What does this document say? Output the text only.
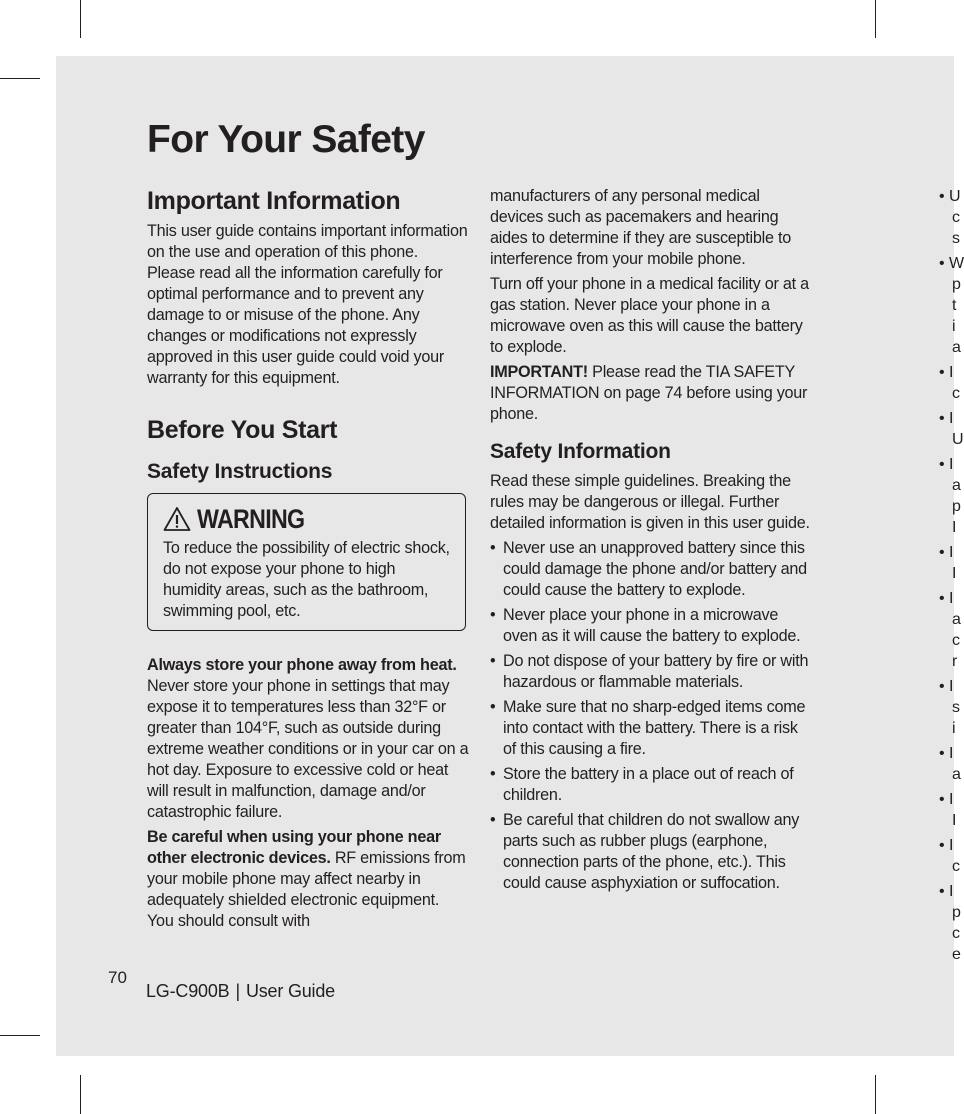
For Your Safety
Important Information

This user guide contains important information on the use and operation of this phone. Please read all the information carefully for optimal performance and to prevent any damage to or misuse of the phone. Any changes or modifications not expressly approved in this user guide could void your warranty for this equipment.

Before You Start
Safety Instructions
WARNING

To reduce the possibility of electric shock, do not expose your phone to high humidity areas, such as the bathroom, swimming pool, etc.

Always store your phone away from heat. Never store your phone in settings that may expose it to temperatures less than 32°F or greater than 104°F, such as outside during extreme weather conditions or in your car on a hot day. Exposure to excessive cold or heat will result in malfunction, damage and/or catastrophic failure.

Be careful when using your phone near other electronic devices. RF emissions from your mobile phone may affect nearby in adequately shielded electronic equipment. You should consult with

manufacturers of any personal medical devices such as pacemakers and hearing aides to determine if they are susceptible to interference from your mobile phone.

Turn off your phone in a medical facility or at a gas station. Never place your phone in a microwave oven as this will cause the battery to explode.

IMPORTANT! Please read the TIA SAFETY INFORMATION on page 74 before using your phone.

Safety Information

Read these simple guidelines. Breaking the rules may be dangerous or illegal. Further detailed information is given in this user guide.

• Never use an unapproved battery since this could damage the phone and/or battery and could cause the battery to explode.
• Never place your phone in a microwave oven as it will cause the battery to explode.
• Do not dispose of your battery by fire or with hazardous or flammable materials.
• Make sure that no sharp-edged items come into contact with the battery. There is a risk of this causing a fire.
• Store the battery in a place out of reach of children.
• Be careful that children do not swallow any parts such as rubber plugs (earphone, connection parts of the phone, etc.). This could cause asphyxiation or suffocation.
• U
c
s
• W
p
t
i
a
• I
c
• I
U
• I
a
p
I
• I
I
• I
a
c
r
• I
s
i
• I
a
• I
I
• I
c
• I
p
c
e
70
LG-C900B | User Guide
